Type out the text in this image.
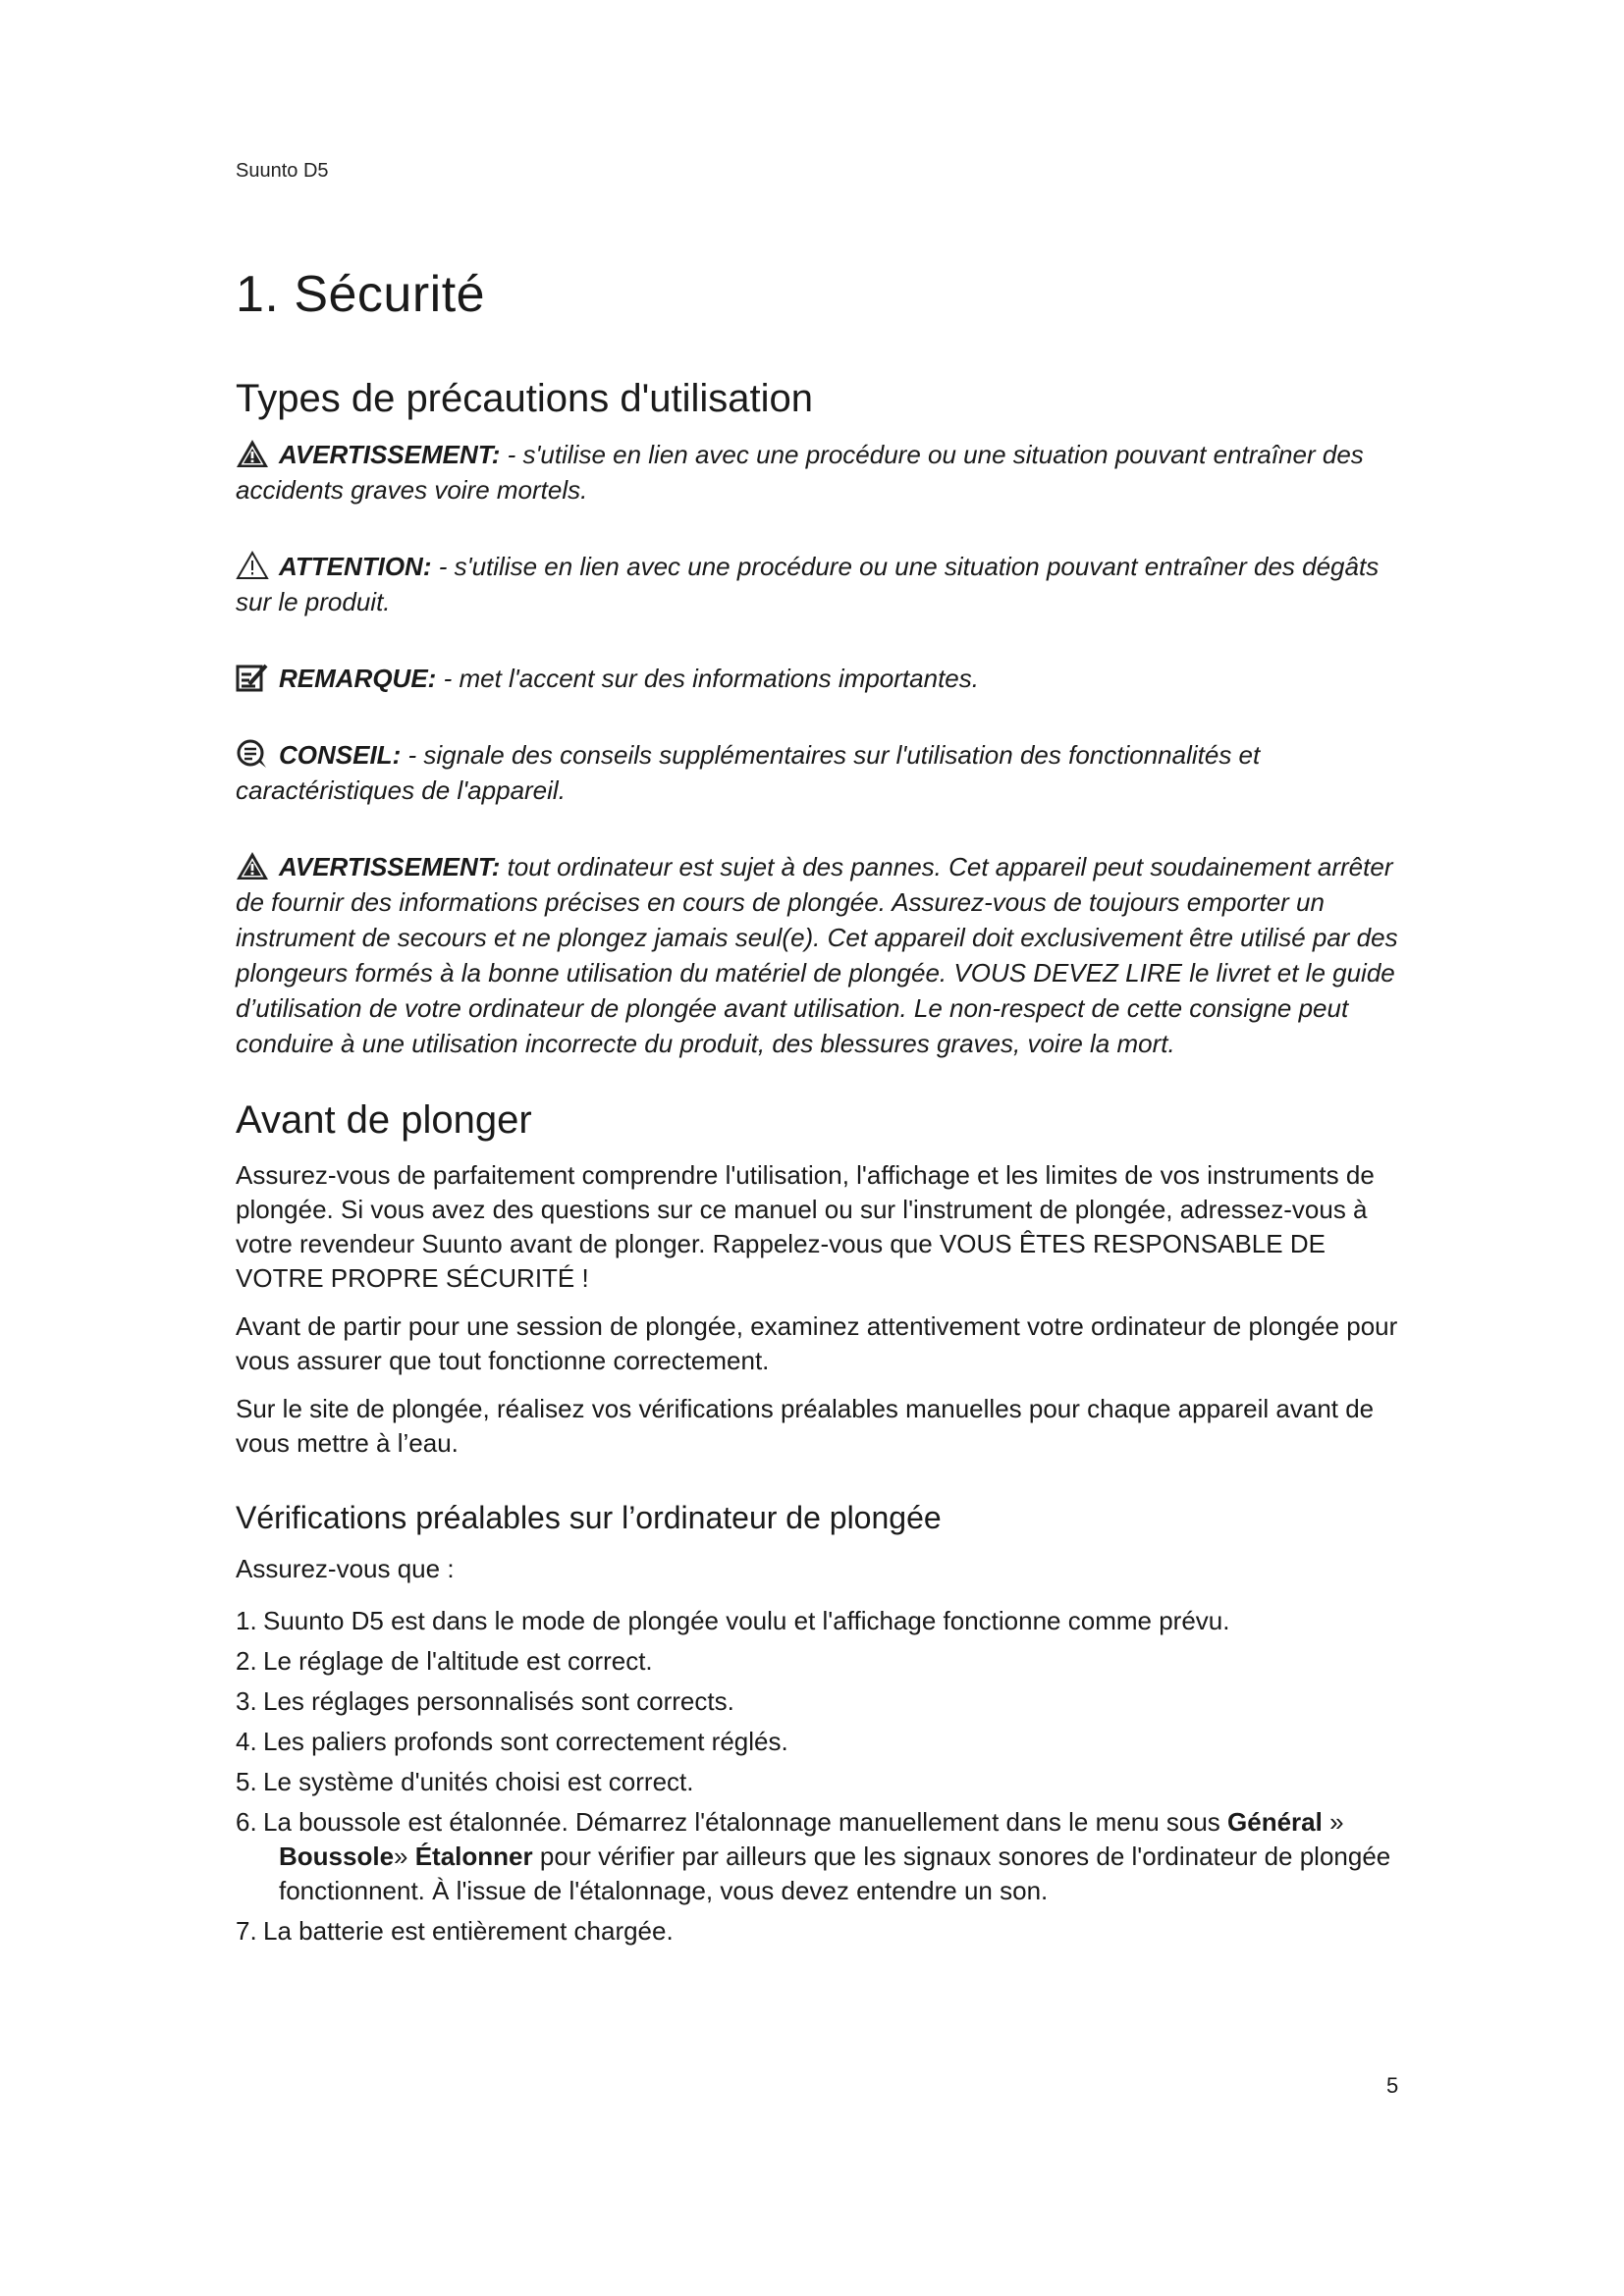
Suunto D5
1. Sécurité
Types de précautions d'utilisation

AVERTISSEMENT: - s'utilise en lien avec une procédure ou une situation pouvant entraîner des accidents graves voire mortels.

ATTENTION: - s'utilise en lien avec une procédure ou une situation pouvant entraîner des dégâts sur le produit.

REMARQUE: - met l'accent sur des informations importantes.

CONSEIL: - signale des conseils supplémentaires sur l'utilisation des fonctionnalités et caractéristiques de l'appareil.

AVERTISSEMENT: tout ordinateur est sujet à des pannes. Cet appareil peut soudainement arrêter de fournir des informations précises en cours de plongée. Assurez-vous de toujours emporter un instrument de secours et ne plongez jamais seul(e). Cet appareil doit exclusivement être utilisé par des plongeurs formés à la bonne utilisation du matériel de plongée. VOUS DEVEZ LIRE le livret et le guide d’utilisation de votre ordinateur de plongée avant utilisation. Le non-respect de cette consigne peut conduire à une utilisation incorrecte du produit, des blessures graves, voire la mort.

Avant de plonger

Assurez-vous de parfaitement comprendre l'utilisation, l'affichage et les limites de vos instruments de plongée. Si vous avez des questions sur ce manuel ou sur l'instrument de plongée, adressez-vous à votre revendeur Suunto avant de plonger. Rappelez-vous que VOUS ÊTES RESPONSABLE DE VOTRE PROPRE SÉCURITÉ !

Avant de partir pour une session de plongée, examinez attentivement votre ordinateur de plongée pour vous assurer que tout fonctionne correctement.

Sur le site de plongée, réalisez vos vérifications préalables manuelles pour chaque appareil avant de vous mettre à l’eau.

Vérifications préalables sur l’ordinateur de plongée

Assurez-vous que :

1. Suunto D5 est dans le mode de plongée voulu et l'affichage fonctionne comme prévu.
2. Le réglage de l'altitude est correct.
3. Les réglages personnalisés sont corrects.
4. Les paliers profonds sont correctement réglés.
5. Le système d'unités choisi est correct.
6. La boussole est étalonnée. Démarrez l'étalonnage manuellement dans le menu sous Général » Boussole» Étalonner pour vérifier par ailleurs que les signaux sonores de l'ordinateur de plongée fonctionnent. À l'issue de l'étalonnage, vous devez entendre un son.
7. La batterie est entièrement chargée.
5
